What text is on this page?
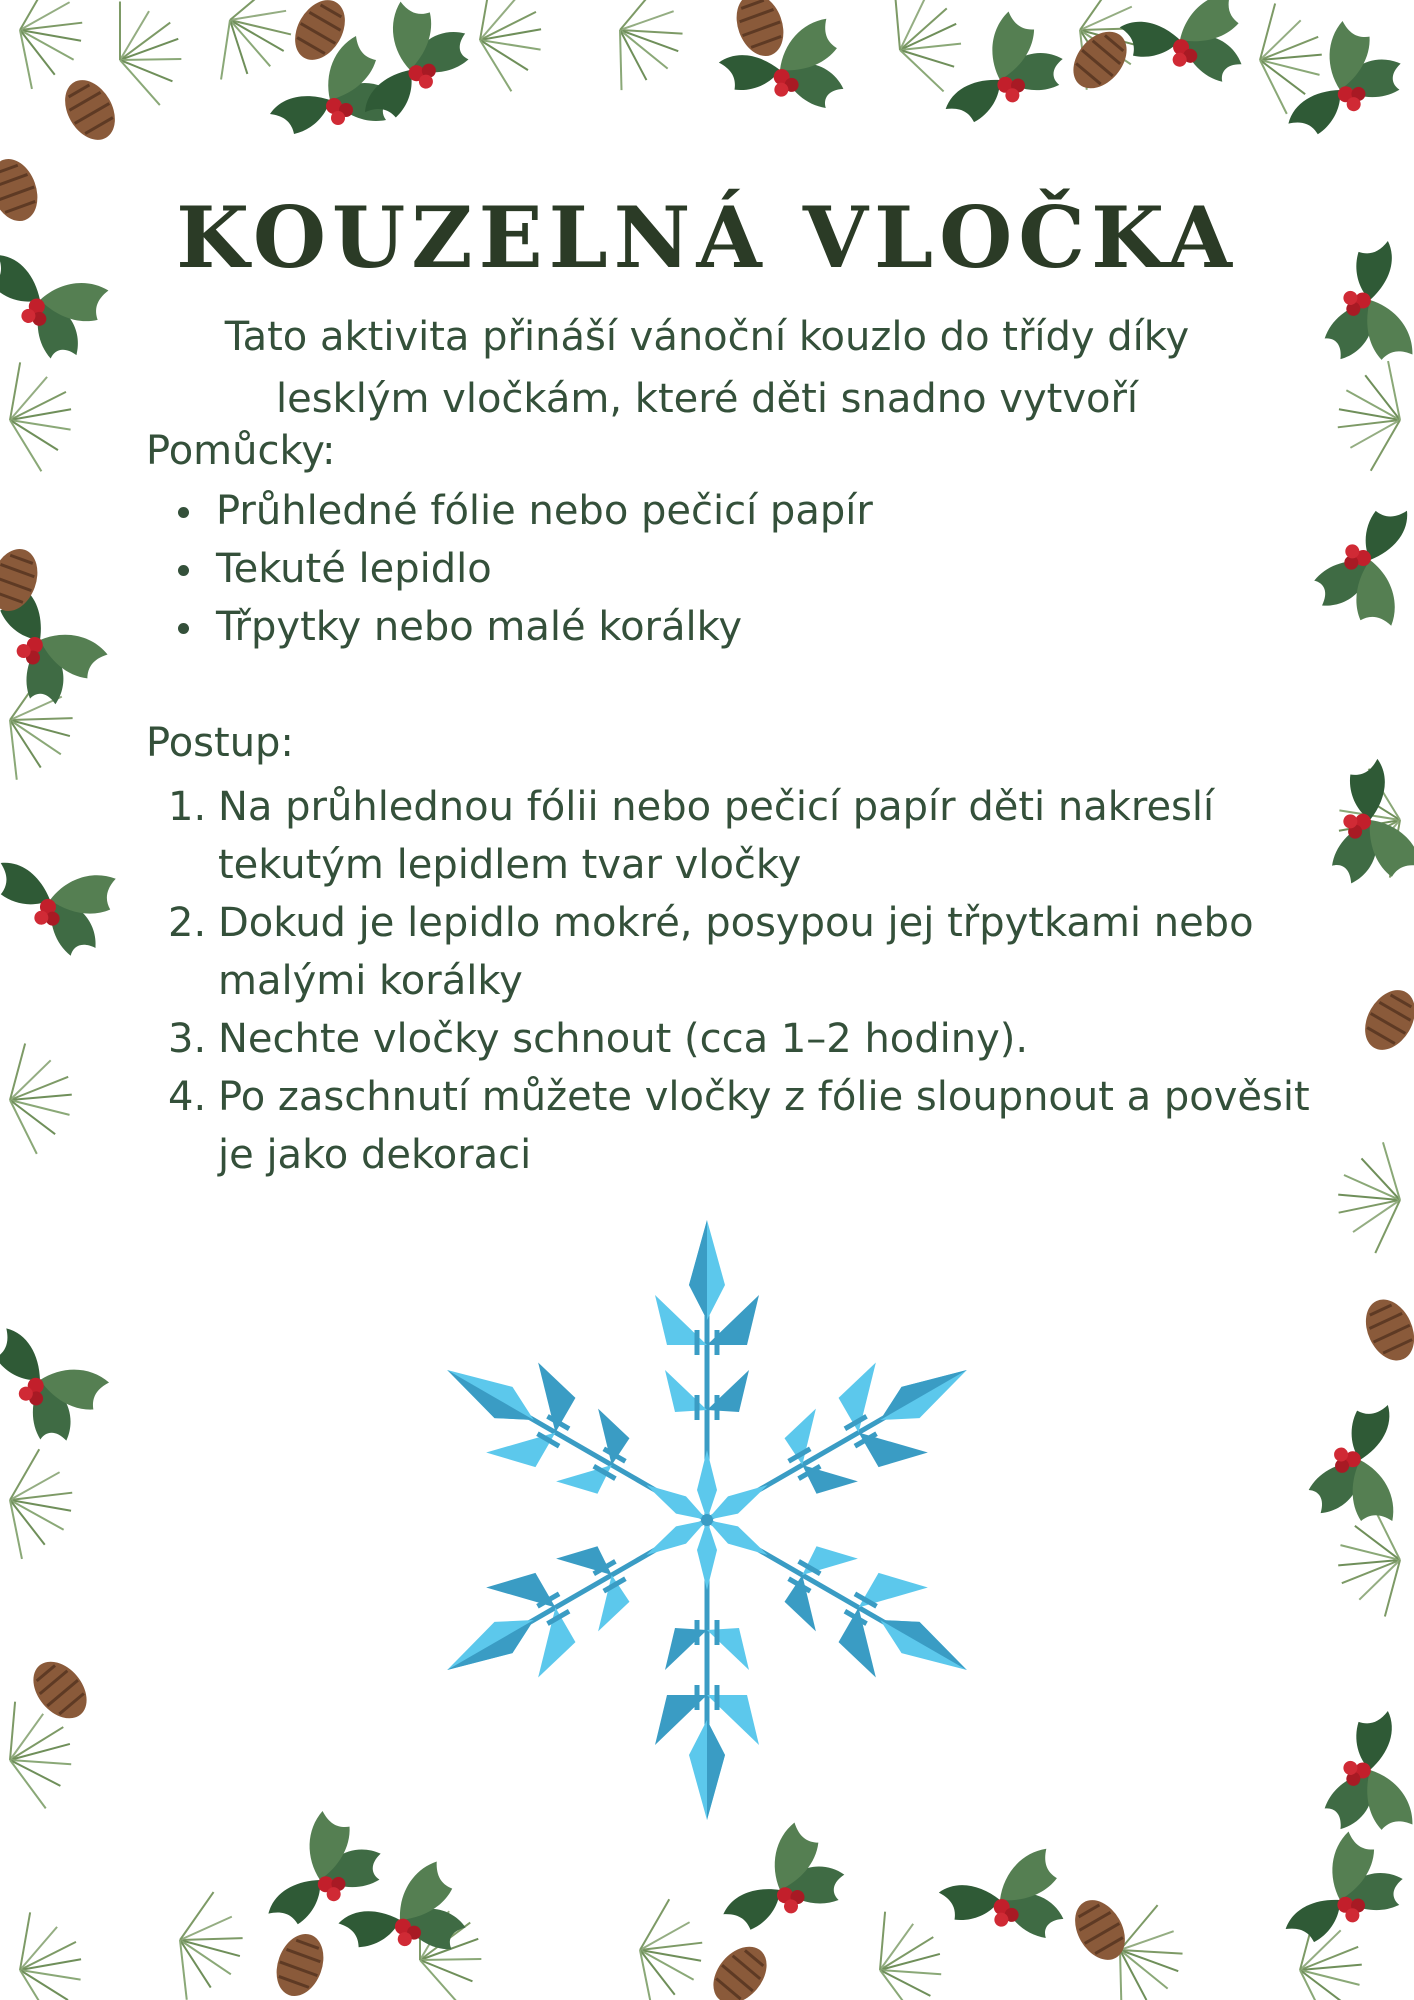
KOUZELNÁ VLOČKA

Tato aktivita přináší vánoční kouzlo do třídy díky lesklým vločkám, které děti snadno vytvoří

Pomůcky:

Průhledné fólie nebo pečicí papír
Tekuté lepidlo
Třpytky nebo malé korálky

Postup:

1. Na průhlednou fólii nebo pečicí papír děti nakreslí tekutým lepidlem tvar vločky
2. Dokud je lepidlo mokré, posypou jej třpytkami nebo malými korálky
3. Nechte vločky schnout (cca 1–2 hodiny).
4. Po zaschnutí můžete vločky z fólie sloupnout a pověsit je jako dekoraci
